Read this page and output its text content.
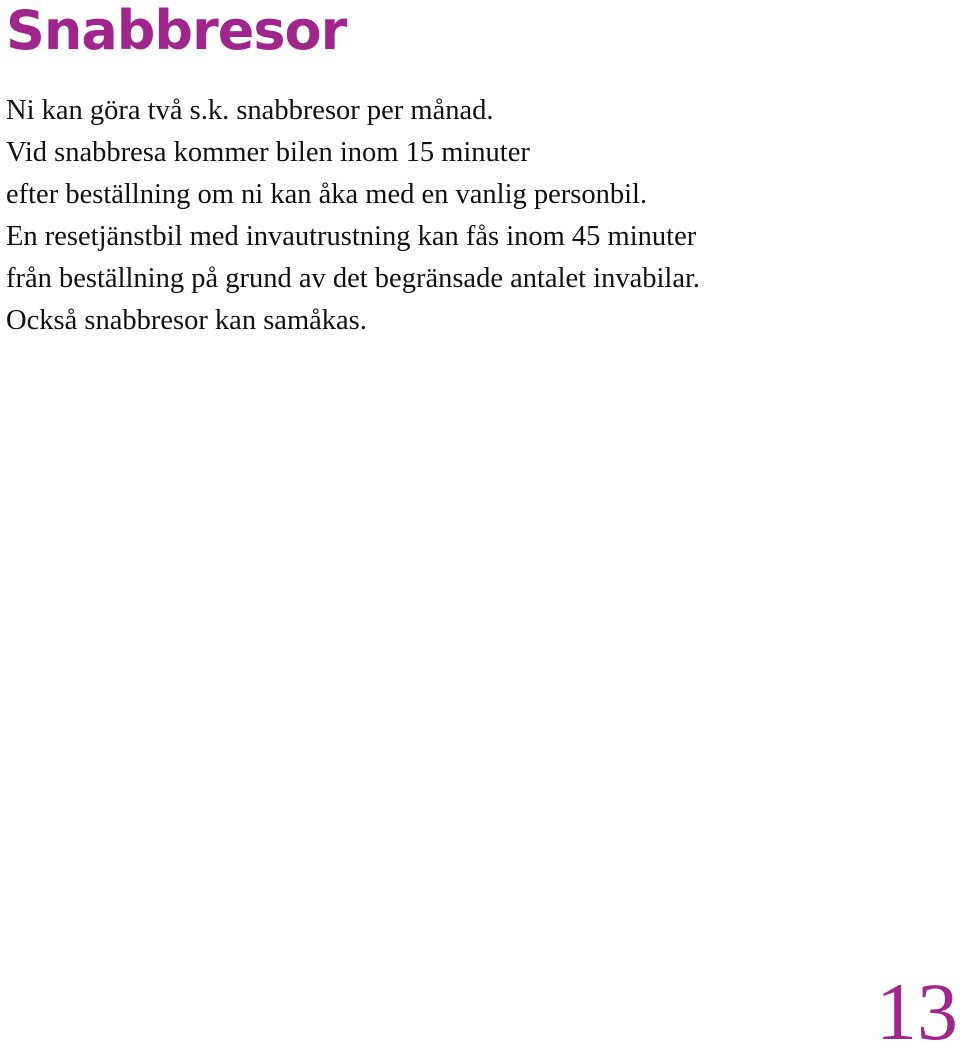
Snabbresor
Ni kan göra två s.k. snabbresor per månad.
Vid snabbresa kommer bilen inom 15 minuter
efter beställning om ni kan åka med en vanlig personbil.
En resetjänstbil med invautrustning kan fås inom 45 minuter
från beställning på grund av det begränsade antalet invabilar.
Också snabbresor kan samåkas.
13
